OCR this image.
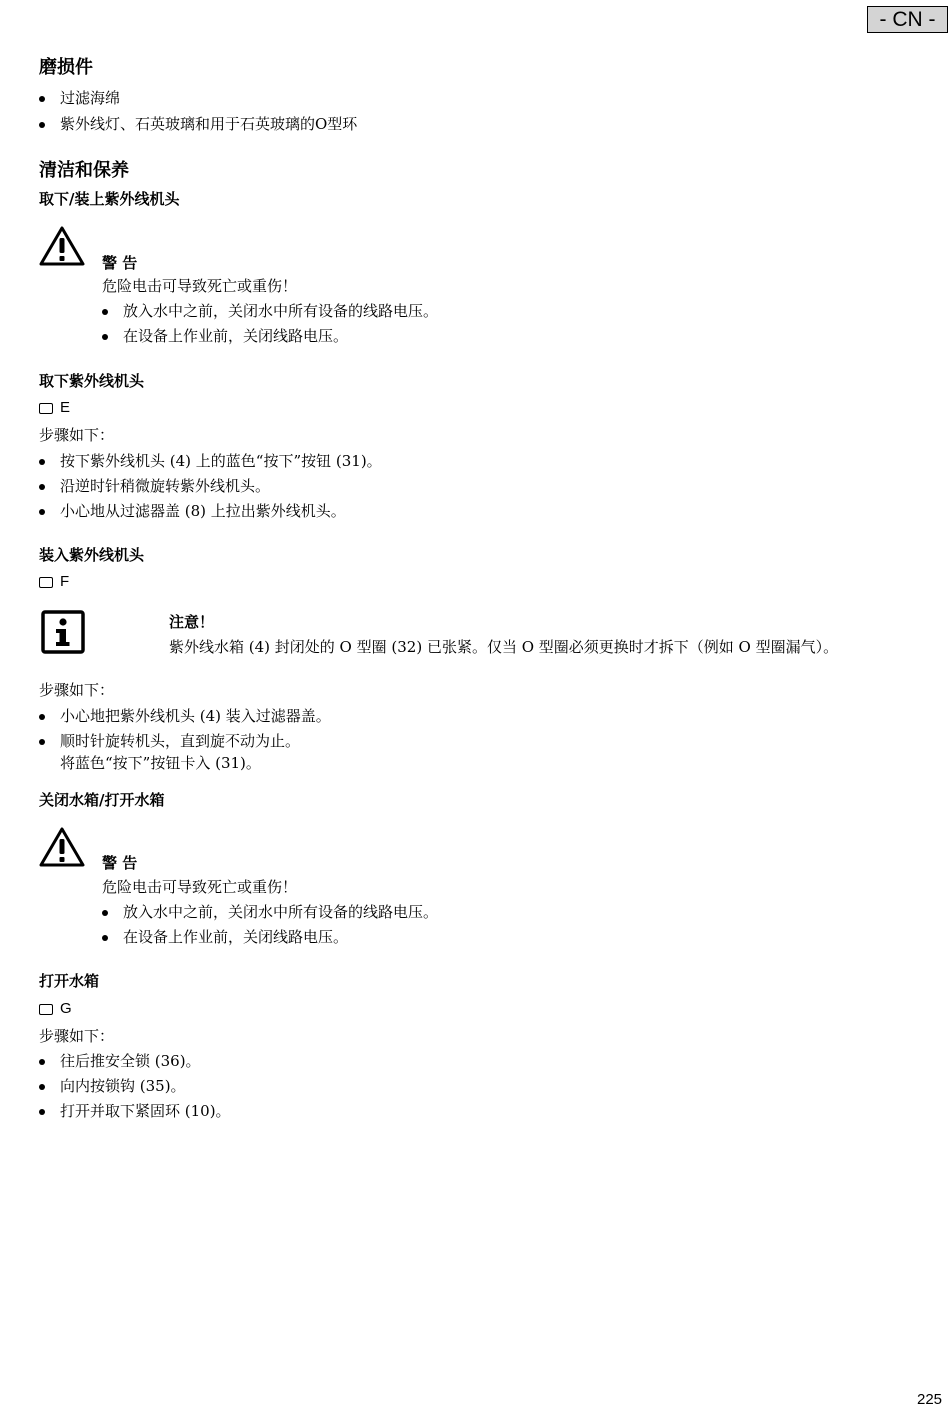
- CN -
磨损件
过滤海绵
紫外线灯、石英玻璃和用于石英玻璃的O型环
清洁和保养
取下/装上紫外线机头
警 告
危险电击可导致死亡或重伤！
放入水中之前，关闭水中所有设备的线路电压。
在设备上作业前，关闭线路电压。
取下紫外线机头
E
步骤如下：
按下紫外线机头 (4) 上的蓝色“按下”按钮 (31)。
沿逆时针稍微旋转紫外线机头。
小心地从过滤器盖 (8) 上拉出紫外线机头。
装入紫外线机头
F
注意！
紫外线水箱 (4) 封闭处的 O 型圈 (32) 已张紧。仅当 O 型圈必须更换时才拆下（例如 O 型圈漏气）。
步骤如下：
小心地把紫外线机头 (4) 装入过滤器盖。
顺时针旋转机头，直到旋不动为止。
将蓝色“按下”按钮卡入 (31)。
关闭水箱/打开水箱
警 告
危险电击可导致死亡或重伤！
放入水中之前，关闭水中所有设备的线路电压。
在设备上作业前，关闭线路电压。
打开水箱
G
步骤如下：
往后推安全锁 (36)。
向内按锁钩 (35)。
打开并取下紧固环 (10)。
225
